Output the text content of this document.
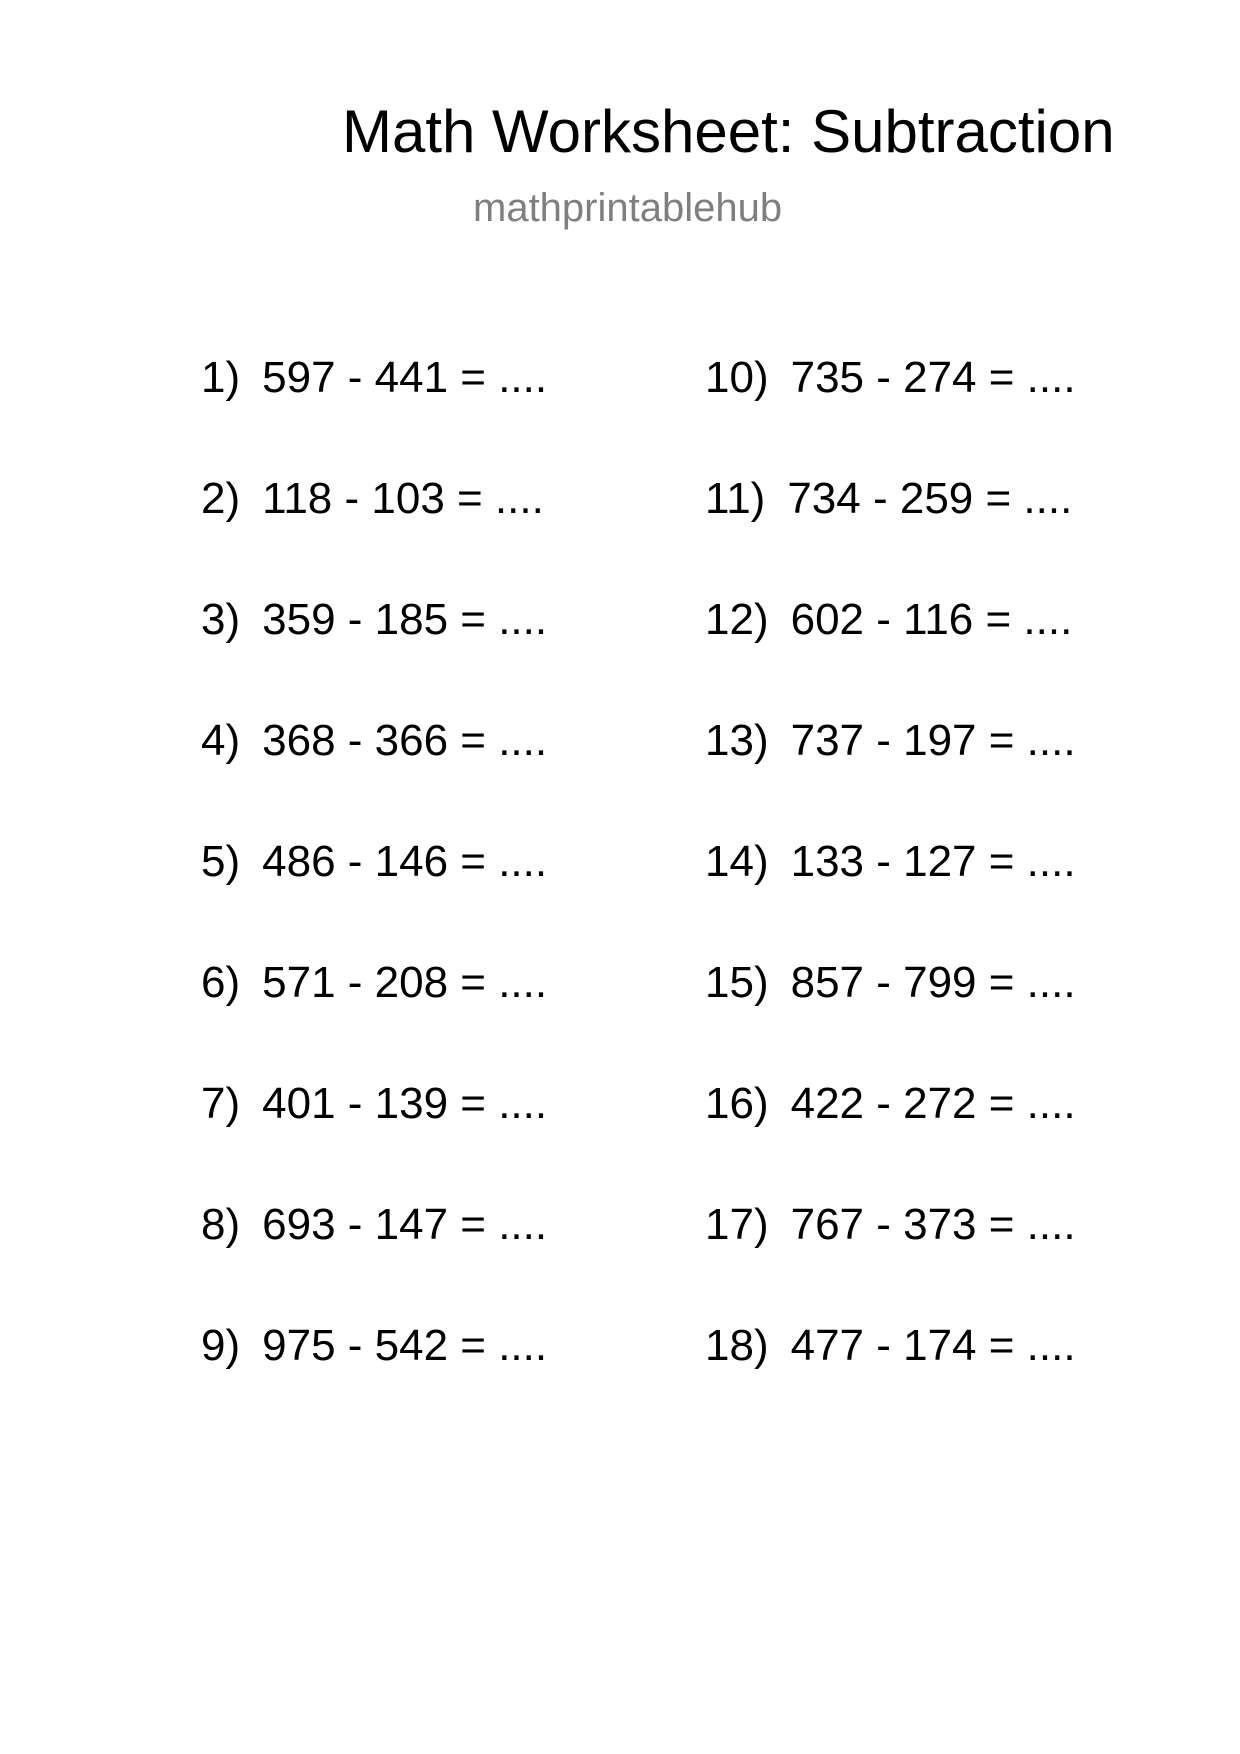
Math Worksheet: Subtraction
mathprintablehub
1) 597 - 441 = ....
2) 118 - 103 = ....
3) 359 - 185 = ....
4) 368 - 366 = ....
5) 486 - 146 = ....
6) 571 - 208 = ....
7) 401 - 139 = ....
8) 693 - 147 = ....
9) 975 - 542 = ....
10) 735 - 274 = ....
11) 734 - 259 = ....
12) 602 - 116 = ....
13) 737 - 197 = ....
14) 133 - 127 = ....
15) 857 - 799 = ....
16) 422 - 272 = ....
17) 767 - 373 = ....
18) 477 - 174 = ....
